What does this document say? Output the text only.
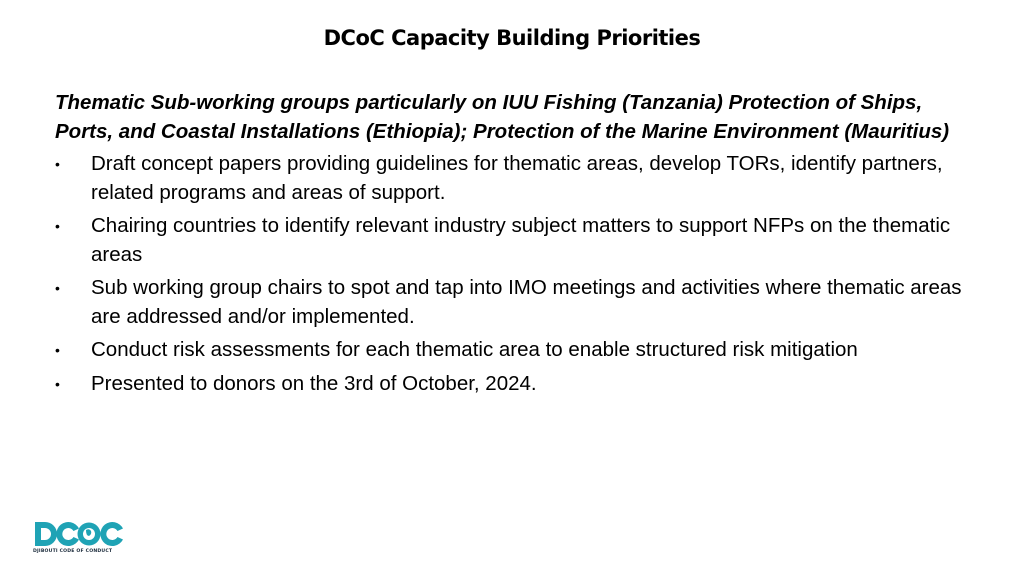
DCoC Capacity Building Priorities

Thematic Sub-working groups particularly on IUU Fishing (Tanzania) Protection of Ships, Ports, and Coastal Installations (Ethiopia); Protection of the Marine Environment (Mauritius)

• Draft concept papers providing guidelines for thematic areas, develop TORs, identify partners, related programs and areas of support.
• Chairing countries to identify relevant industry subject matters to support NFPs on the thematic areas
• Sub working group chairs to spot and tap into IMO meetings and activities where thematic areas are addressed and/or implemented.
• Conduct risk assessments for each thematic area to enable structured risk mitigation
• Presented to donors on the 3rd of October, 2024.
DJIBOUTI CODE OF CONDUCT
